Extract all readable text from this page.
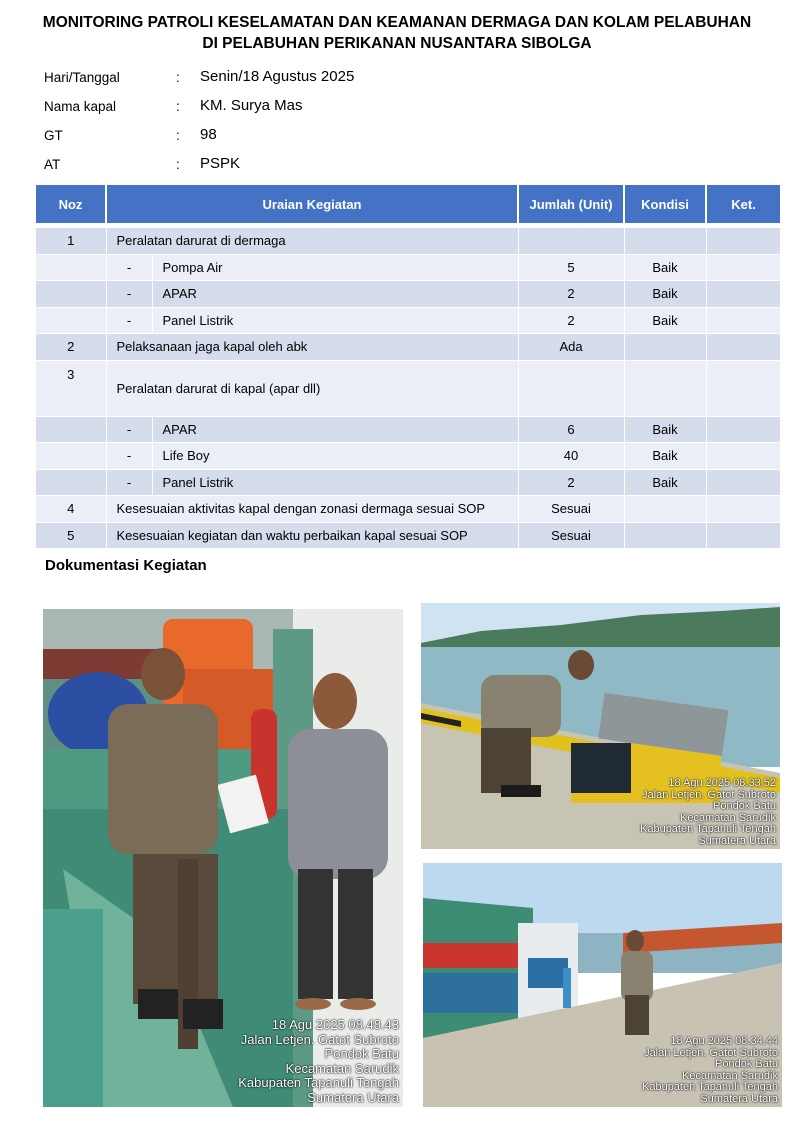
MONITORING PATROLI KESELAMATAN DAN KEAMANAN DERMAGA DAN KOLAM PELABUHAN
DI PELABUHAN PERIKANAN NUSANTARA SIBOLGA
Hari/Tanggal	: Senin/18 Agustus 2025
Nama kapal	: KM. Surya Mas
GT	: 98
AT	: PSPK
Noz	Uraian Kegiatan		Jumlah (Unit)	Kondisi	Ket.

1	Peralatan darurat di dermaga				
	-	Pompa Air	5	Baik	
	-	APAR	2	Baik	
	-	Panel Listrik	2	Baik	
2	Pelaksanaan jaga kapal oleh abk		Ada		
3	Peralatan darurat di kapal (apar dll)				
	-	APAR	6	Baik	
	-	Life Boy	40	Baik	
	-	Panel Listrik	2	Baik	
4	Kesesuaian aktivitas kapal dengan zonasi dermaga sesuai SOP		Sesuai		
5	Kesesuaian kegiatan dan waktu perbaikan kapal sesuai SOP		Sesuai		
Dokumentasi Kegiatan
18 Agu 2025 08.48.43
Jalan Letjen. Gatot Subroto
Pondok Batu
Kecamatan Sarudik
Kabupaten Tapanuli Tengah
Sumatera Utara
18 Agu 2025 08.33.52
Jalan Letjen. Gatot Subroto
Pondok Batu
Kecamatan Sarudik
Kabupaten Tapanuli Tengah
Sumatera Utara
18 Agu 2025 08.34.44
Jalan Letjen. Gatot Subroto
Pondok Batu
Kecamatan Sarudik
Kabupaten Tapanuli Tengah
Sumatera Utara
